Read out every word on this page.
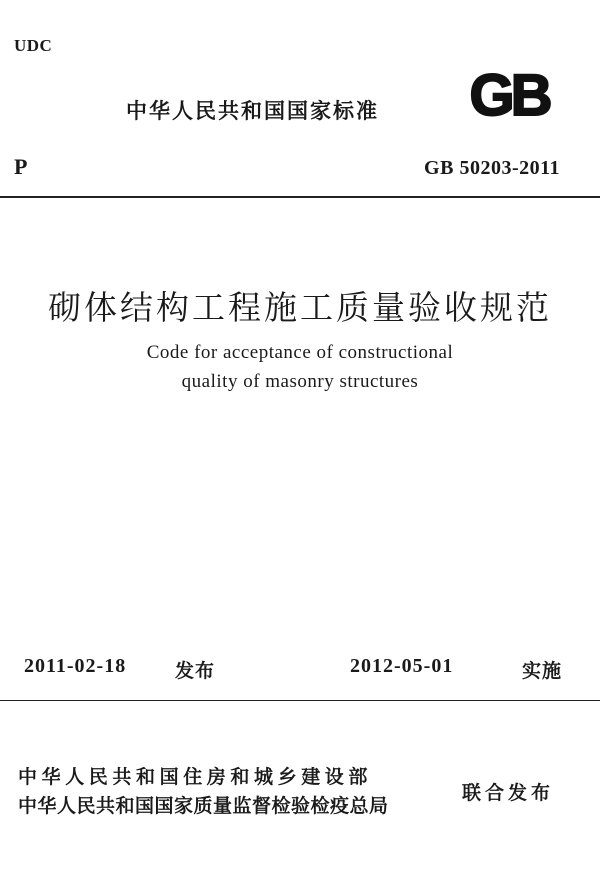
UDC
GB
中华人民共和国国家标准
P	GB 50203-2011
砌体结构工程施工质量验收规范
Code for acceptance of constructional
quality of masonry structures
2011-02-18	发布	2012-05-01	实施
中华人民共和国住房和城乡建设部
中华人民共和国国家质量监督检验检疫总局
联合发布
